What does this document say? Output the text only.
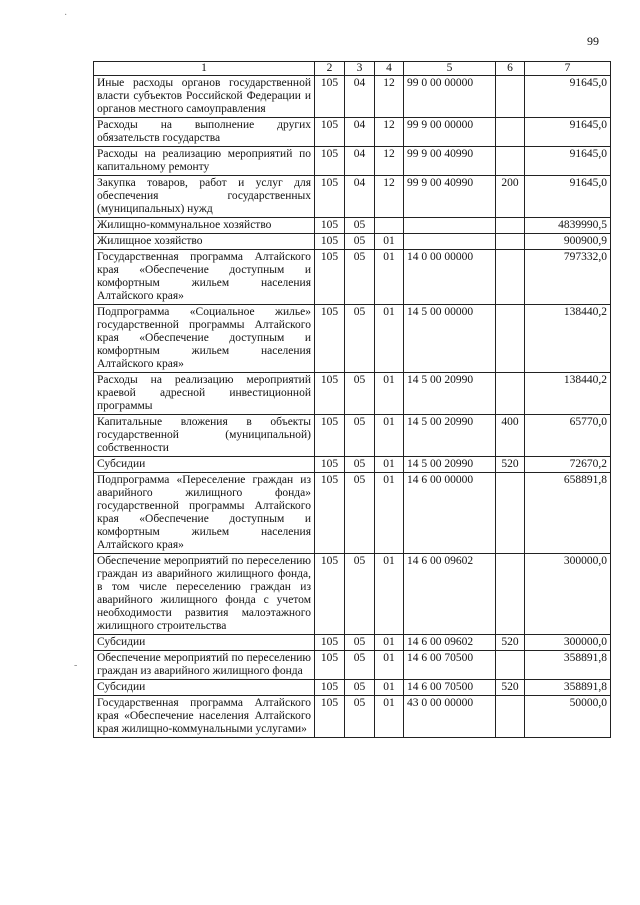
99
·
-
1	2	3	4	5	6	7
Иные расходы органов государственной власти субъектов Российской Федерации и органов местного самоуправления	105	04	12	99 0 00 00000		91645,0
Расходы на выполнение других обязательств государства	105	04	12	99 9 00 00000		91645,0
Расходы на реализацию мероприятий по капитальному ремонту	105	04	12	99 9 00 40990		91645,0
Закупка товаров, работ и услуг для обеспечения государственных (муниципальных) нужд	105	04	12	99 9 00 40990	200	91645,0
Жилищно-коммунальное хозяйство	105	05				4839990,5
Жилищное хозяйство	105	05	01			900900,9
Государственная программа Алтайского края «Обеспечение доступным и комфортным жильем населения Алтайского края»	105	05	01	14 0 00 00000		797332,0
Подпрограмма «Социальное жилье» государственной программы Алтайского края «Обеспечение доступным и комфортным жильем населения Алтайского края»	105	05	01	14 5 00 00000		138440,2
Расходы на реализацию мероприятий краевой адресной инвестиционной программы	105	05	01	14 5 00 20990		138440,2
Капитальные вложения в объекты государственной (муниципальной) собственности	105	05	01	14 5 00 20990	400	65770,0
Субсидии	105	05	01	14 5 00 20990	520	72670,2
Подпрограмма «Переселение граждан из аварийного жилищного фонда» государственной программы Алтайского края «Обеспечение доступным и комфортным жильем населения Алтайского края»	105	05	01	14 6 00 00000		658891,8
Обеспечение мероприятий по переселению граждан из аварийного жилищного фонда, в том числе переселению граждан из аварийного жилищного фонда с учетом необходимости развития малоэтажного жилищного строительства	105	05	01	14 6 00 09602		300000,0
Субсидии	105	05	01	14 6 00 09602	520	300000,0
Обеспечение мероприятий по переселению граждан из аварийного жилищного фонда	105	05	01	14 6 00 70500		358891,8
Субсидии	105	05	01	14 6 00 70500	520	358891,8
Государственная программа Алтайского края «Обеспечение населения Алтайского края жилищно-коммунальными услугами»	105	05	01	43 0 00 00000		50000,0
